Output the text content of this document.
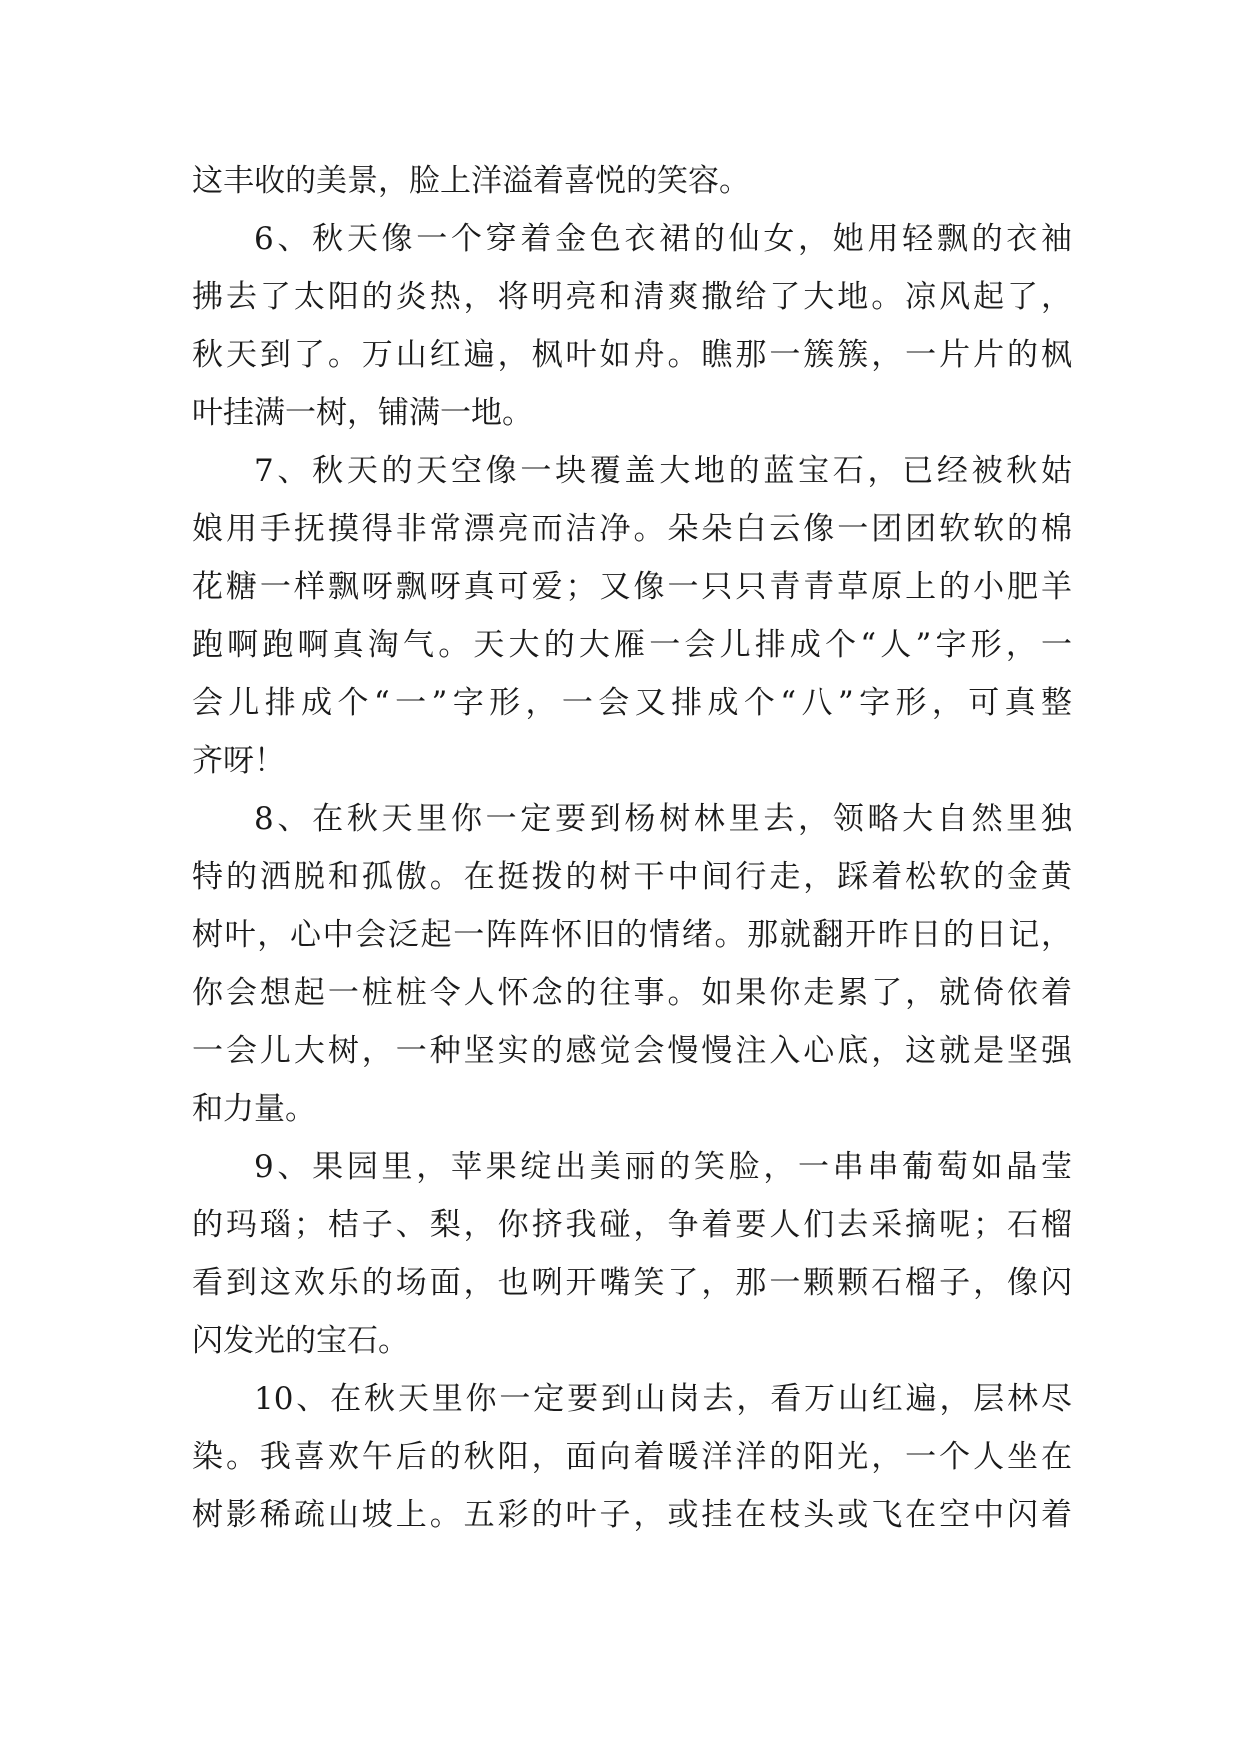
这丰收的美景，脸上洋溢着喜悦的笑容。
6、秋天像一个穿着金色衣裙的仙女，她用轻飘的衣袖
拂去了太阳的炎热，将明亮和清爽撒给了大地。凉风起了，
秋天到了。万山红遍，枫叶如舟。瞧那一簇簇，一片片的枫
叶挂满一树，铺满一地。
7、秋天的天空像一块覆盖大地的蓝宝石，已经被秋姑
娘用手抚摸得非常漂亮而洁净。朵朵白云像一团团软软的棉
花糖一样飘呀飘呀真可爱；又像一只只青青草原上的小肥羊
跑啊跑啊真淘气。天大的大雁一会儿排成个“人”字形，一
会儿排成个“一”字形，一会又排成个“八”字形，可真整
齐呀！
8、在秋天里你一定要到杨树林里去，领略大自然里独
特的洒脱和孤傲。在挺拨的树干中间行走，踩着松软的金黄
树叶，心中会泛起一阵阵怀旧的情绪。那就翻开昨日的日记，
你会想起一桩桩令人怀念的往事。如果你走累了，就倚依着
一会儿大树，一种坚实的感觉会慢慢注入心底，这就是坚强
和力量。
9、果园里，苹果绽出美丽的笑脸，一串串葡萄如晶莹
的玛瑙；桔子、梨，你挤我碰，争着要人们去采摘呢；石榴
看到这欢乐的场面，也咧开嘴笑了，那一颗颗石榴子，像闪
闪发光的宝石。
10、在秋天里你一定要到山岗去，看万山红遍，层林尽
染。我喜欢午后的秋阳，面向着暖洋洋的阳光，一个人坐在
树影稀疏山坡上。五彩的叶子，或挂在枝头或飞在空中闪着
